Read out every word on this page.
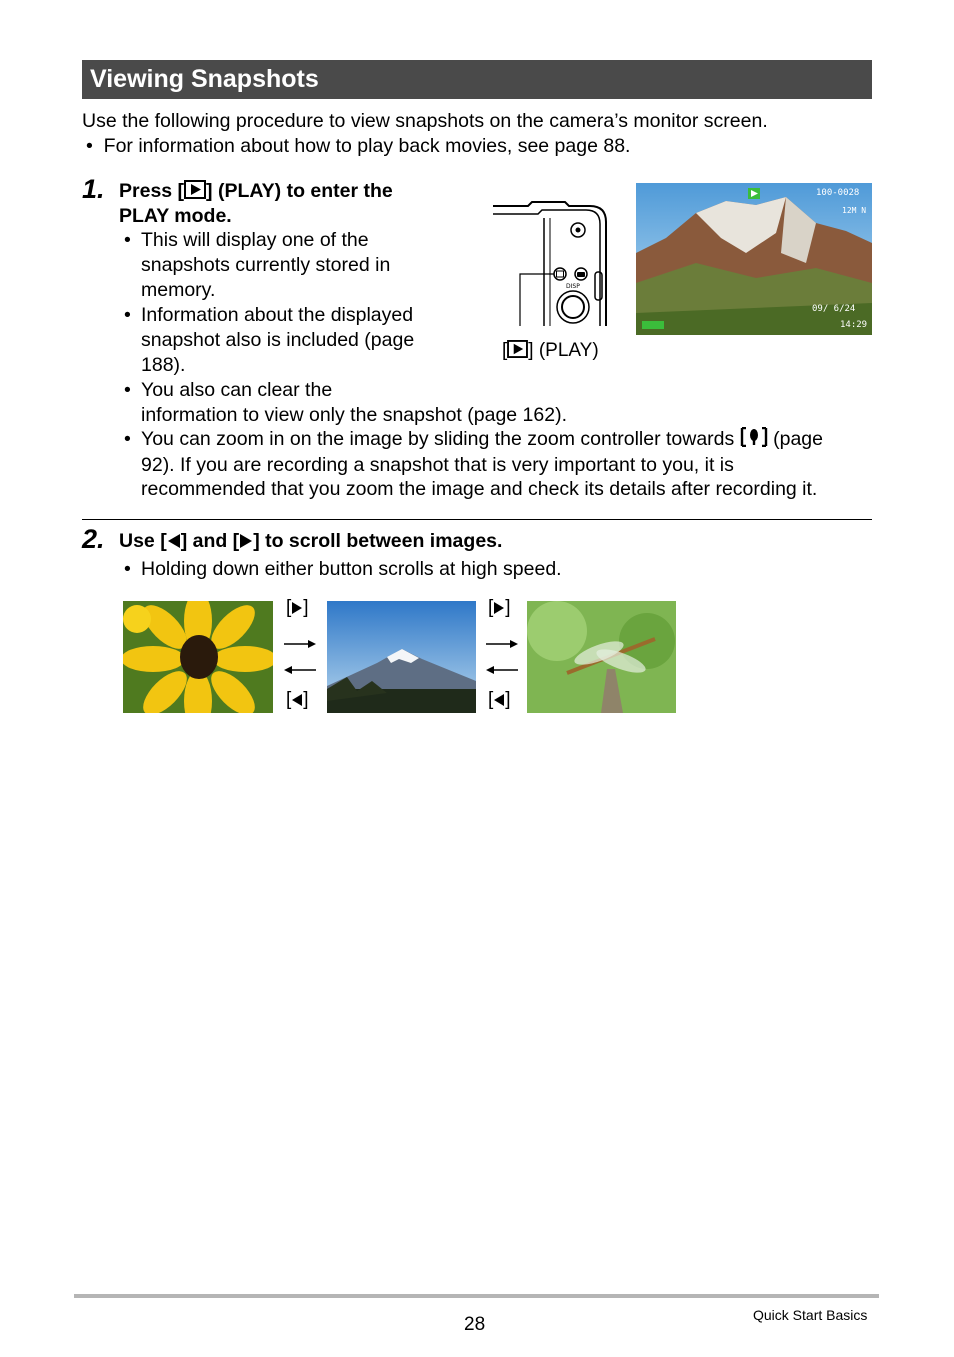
Viewing Snapshots
Use the following procedure to view snapshots on the camera’s monitor screen.
•  For information about how to play back movies, see page 88.
1. Press [ ] (PLAY) to enter the
PLAY mode.
• This will display one of the
snapshots currently stored in
memory.
• Information about the displayed
snapshot also is included (page
188).
• You also can clear the
information to view only the snapshot (page 162).
• You can zoom in on the image by sliding the zoom controller towards (page
92). If you are recording a snapshot that is very important to you, it is
recommended that you zoom the image and check its details after recording it.
DISP
[ ] (PLAY)
100-0028
12M N
09/ 6/24
14:29
2. Use [ ] and [ ] to scroll between images.
• Holding down either button scrolls at high speed.
[ ]
[ ]
[ ]
[ ]
28	Quick Start Basics
